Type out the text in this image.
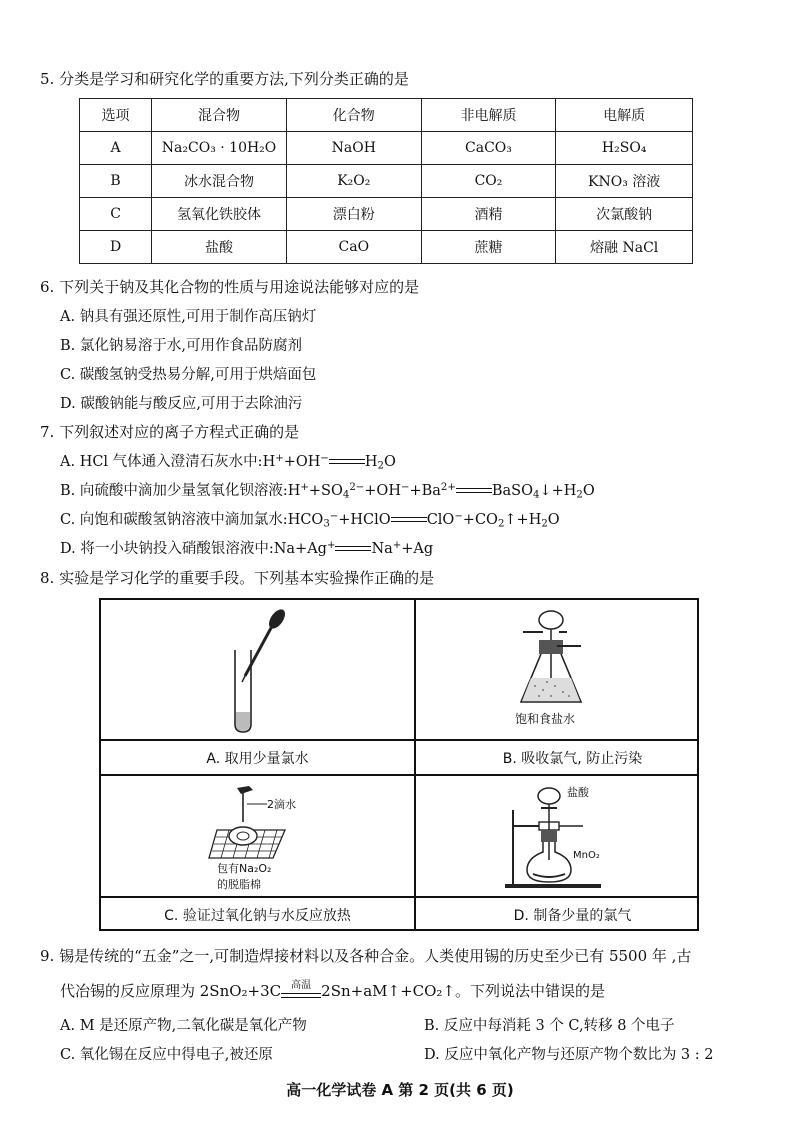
5. 分类是学习和研究化学的重要方法,下列分类正确的是
选项	混合物	化合物	非电解质	电解质
A	Na₂CO₃ · 10H₂O	NaOH	CaCO₃	H₂SO₄
B	冰水混合物	K₂O₂	CO₂	KNO₃ 溶液
C	氢氧化铁胶体	漂白粉	酒精	次氯酸钠
D	盐酸	CaO	蔗糖	熔融 NaCl
6. 下列关于钠及其化合物的性质与用途说法能够对应的是
A. 钠具有强还原性,可用于制作高压钠灯
B. 氯化钠易溶于水,可用作食品防腐剂
C. 碳酸氢钠受热易分解,可用于烘焙面包
D. 碳酸钠能与酸反应,可用于去除油污
7. 下列叙述对应的离子方程式正确的是
A. HCl 气体通入澄清石灰水中:H++OH− $H_2O$
B. 向硫酸中滴加少量氢氧化钡溶液$:H^++SO_4^{2-}+OH^-+Ba^{2+}$ $BaSO_4↓+H_2O$
C. 向饱和碳酸氢钠溶液中滴加氯水$:HCO_3^-+HClO$ $ClO^-+CO_2↑+H_2O$
D. 将一小块钠投入硝酸银溶液中:Na+Ag+ Na++Ag
8. 实验是学习化学的重要手段。下列基本实验操作正确的是
饱和食盐水
2滴水
包有Na₂O₂
的脱脂棉
盐酸
MnO₂
A. 取用少量氯水	B. 吸收氯气, 防止污染
C. 验证过氧化钠与水反应放热	D. 制备少量的氯气
9. 锡是传统的“五金”之一,可制造焊接材料以及各种合金。人类使用锡的历史至少已有 5500 年 ,古
代冶锡的反应原理为 2SnO₂+3C	高温 2Sn+aM↑+CO₂↑。下列说法中错误的是
A. M 是还原产物,二氧化碳是氧化产物	B. 反应中每消耗 3 个 C,转移 8 个电子
C. 氧化锡在反应中得电子,被还原	D. 反应中氧化产物与还原产物个数比为 3 : 2
高一化学试卷 A 第 2 页(共 6 页)
